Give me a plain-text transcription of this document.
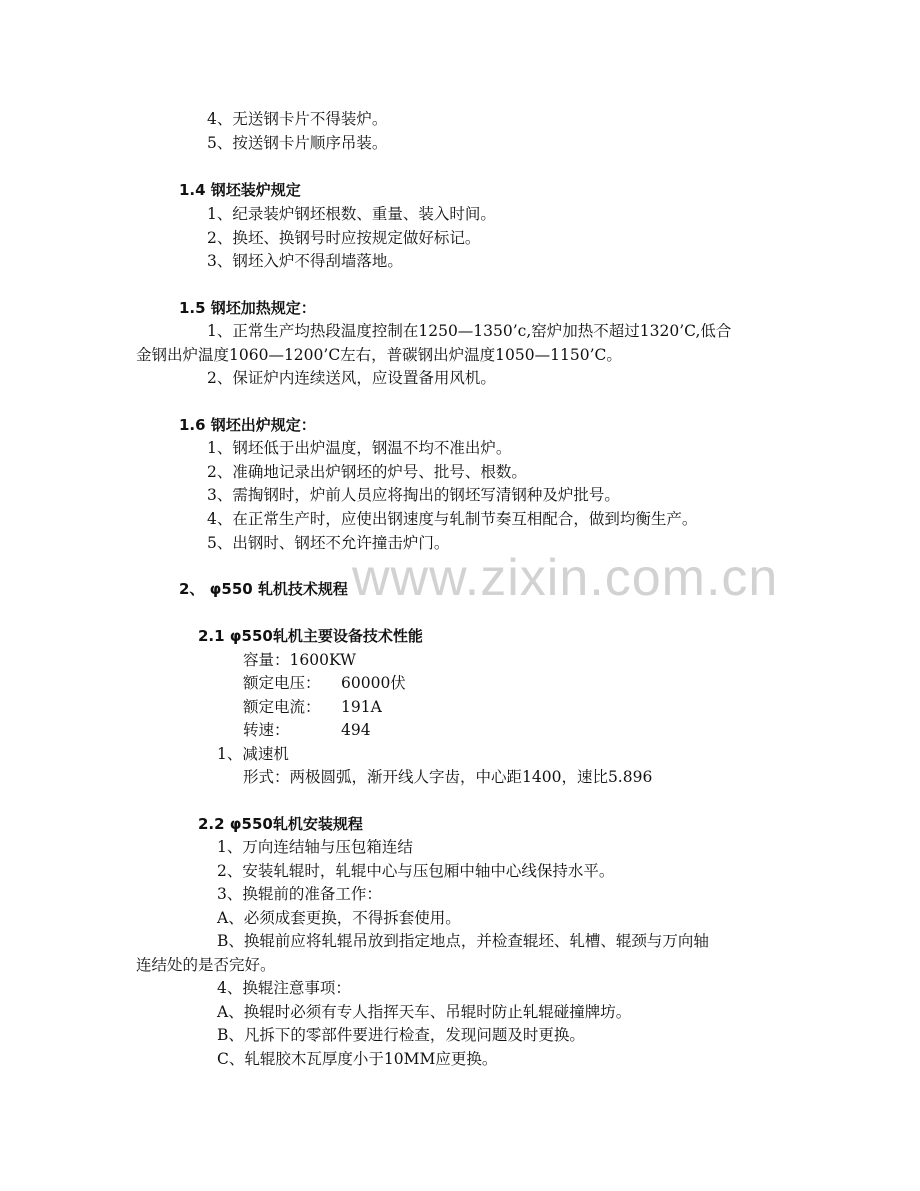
www.zixin.com.cn
4、无送钢卡片不得装炉。
5、按送钢卡片顺序吊装。
1.4 钢坯装炉规定
1、纪录装炉钢坯根数、重量、装入时间。
2、换坯、换钢号时应按规定做好标记。
3、钢坯入炉不得刮墙落地。
1.5 钢坯加热规定：
1、正常生产均热段温度控制在1250—1350’c,窑炉加热不超过1320’C,低合
金钢出炉温度1060—1200’C左右，普碳钢出炉温度1050—1150’C。
2、保证炉内连续送风，应设置备用风机。
1.6 钢坯出炉规定：
1、钢坯低于出炉温度，钢温不均不准出炉。
2、准确地记录出炉钢坯的炉号、批号、根数。
3、需掏钢时，炉前人员应将掏出的钢坯写清钢种及炉批号。
4、在正常生产时，应使出钢速度与轧制节奏互相配合，做到均衡生产。
5、出钢时、钢坯不允许撞击炉门。
2、 φ550 轧机技术规程
2.1 φ550轧机主要设备技术性能
容量：1600KW
额定电压： 60000伏
额定电流： 191A
转速：	494
1、减速机
形式：两极圆弧，渐开线人字齿，中心距1400，速比5.896
2.2 φ550轧机安装规程
1、万向连结轴与压包箱连结
2、安装轧辊时，轧辊中心与压包厢中轴中心线保持水平。
3、换辊前的准备工作：
A、必须成套更换，不得拆套使用。
B、换辊前应将轧辊吊放到指定地点，并检查辊坯、轧槽、辊颈与万向轴
连结处的是否完好。
4、换辊注意事项：
A、换辊时必须有专人指挥天车、吊辊时防止轧辊碰撞牌坊。
B、凡拆下的零部件要进行检查，发现问题及时更换。
C、轧辊胶木瓦厚度小于10MM应更换。
